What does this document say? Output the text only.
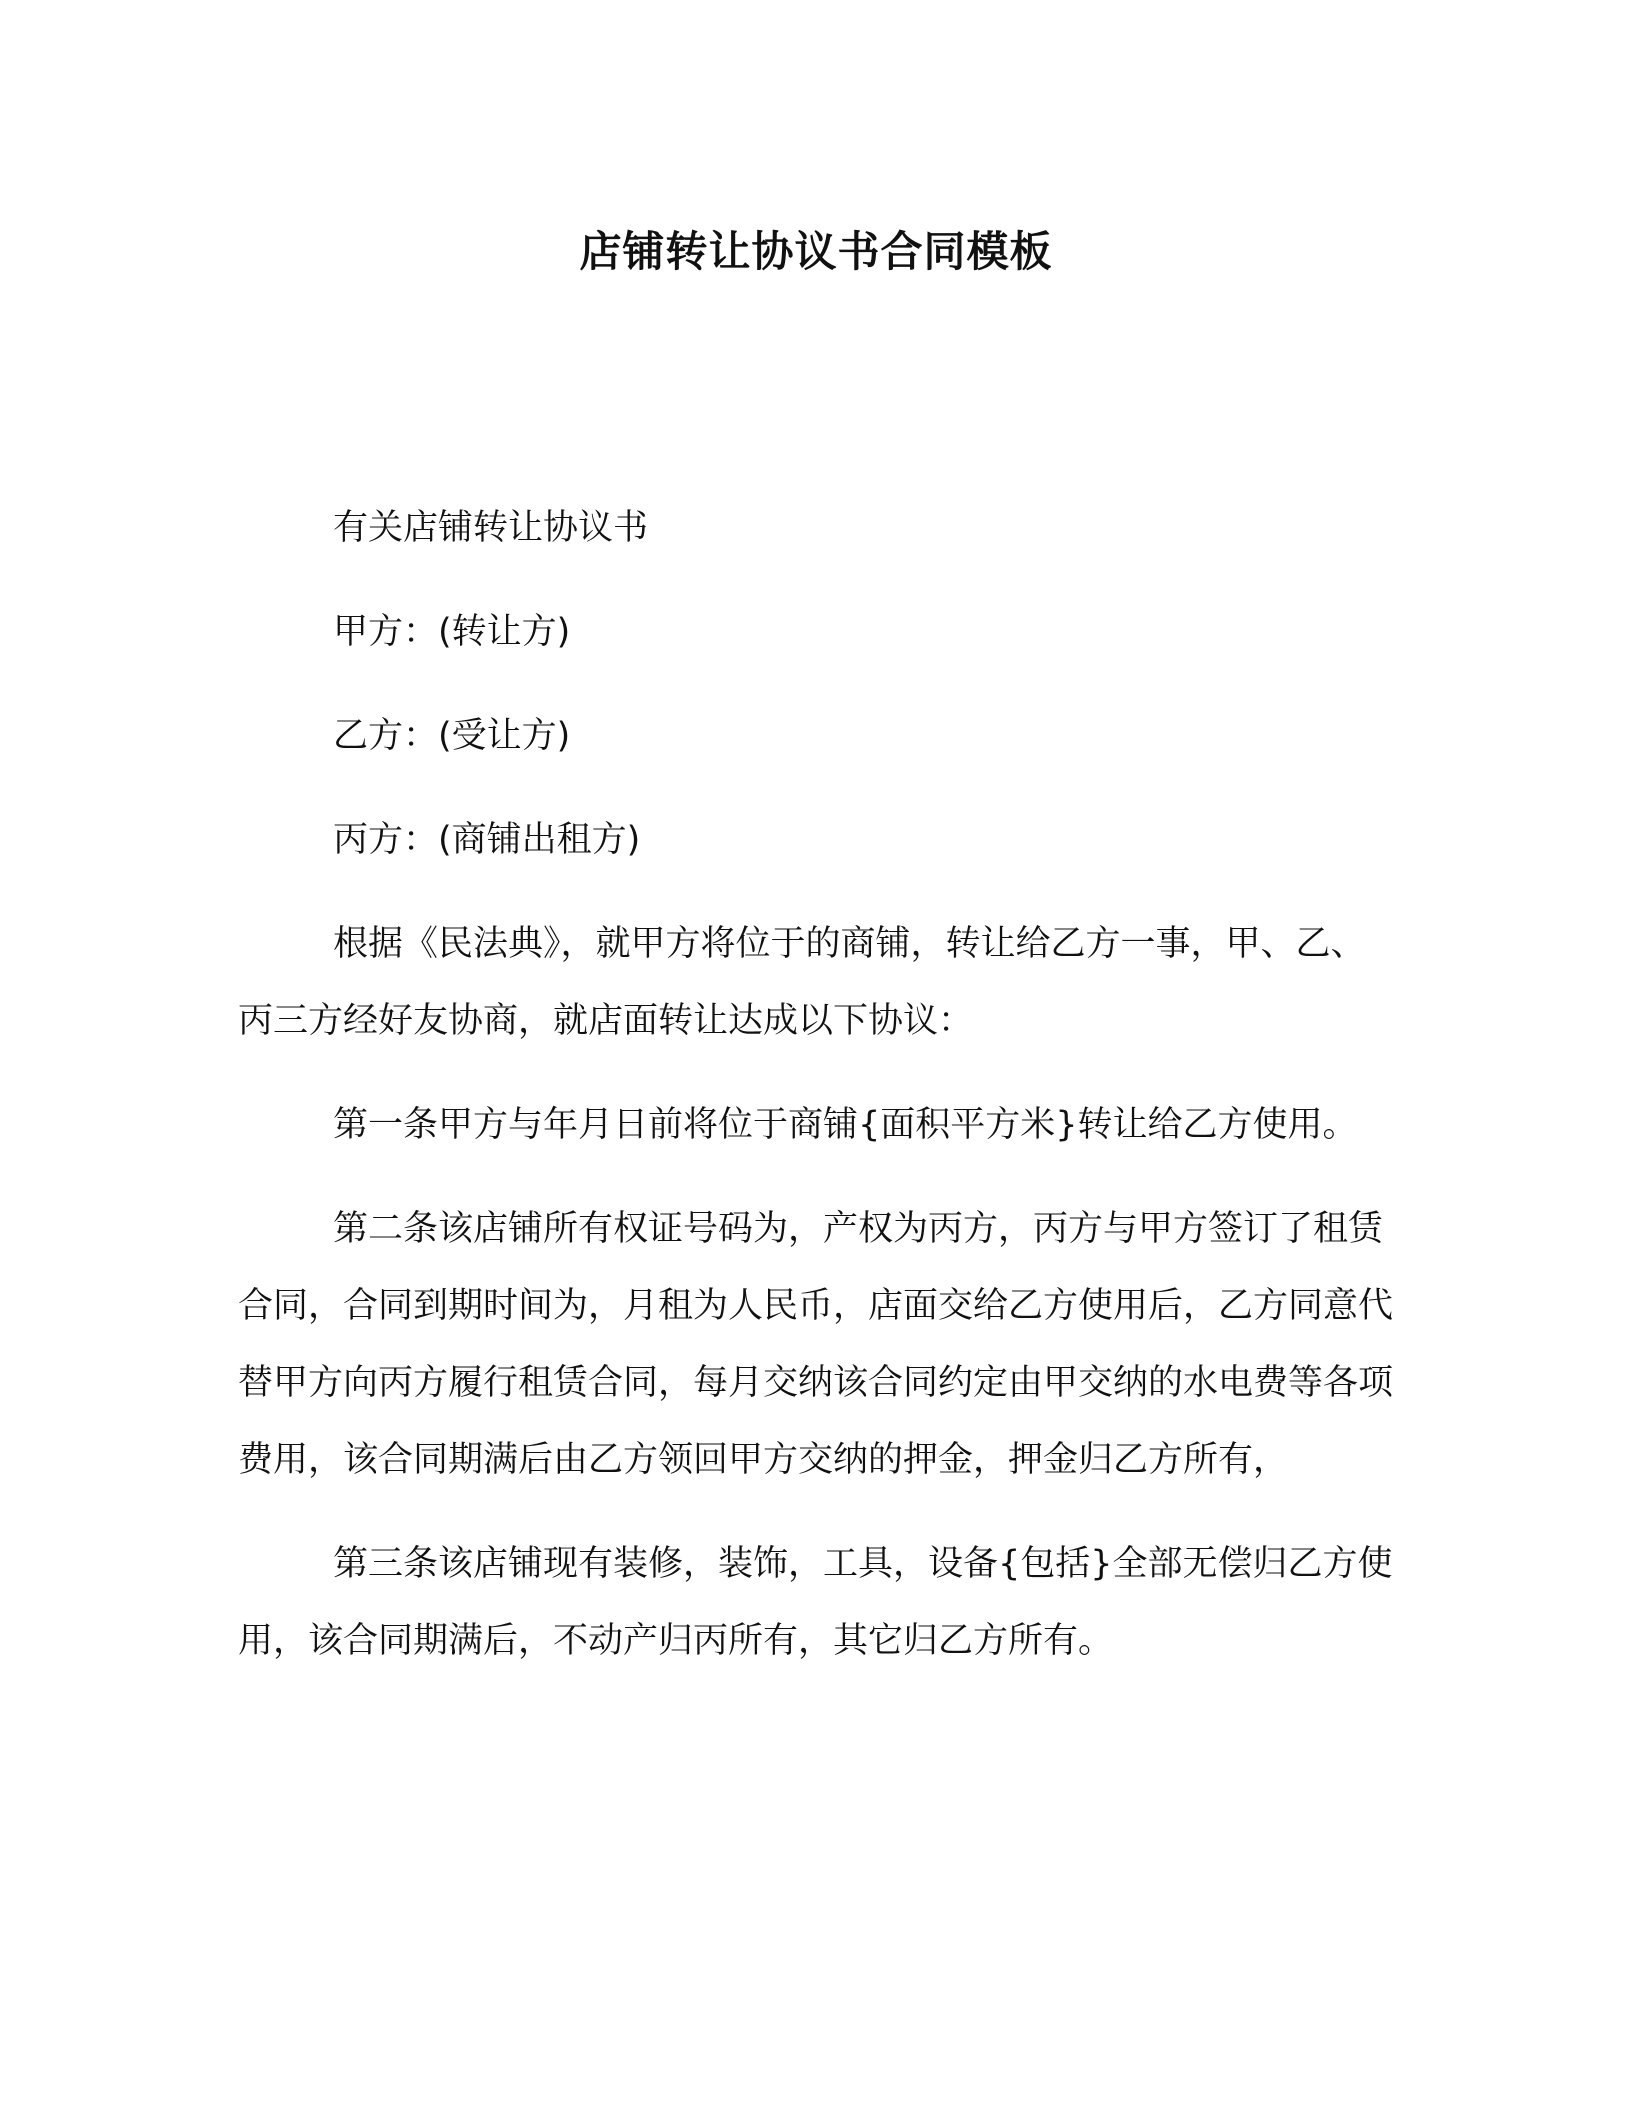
店铺转让协议书合同模板

有关店铺转让协议书

甲方：(转让方)

乙方：(受让方)

丙方：(商铺出租方)

根据《民法典》，就甲方将位于的商铺，转让给乙方一事，甲、乙、丙三方经好友协商，就店面转让达成以下协议：

第一条甲方与年月日前将位于商铺{面积平方米}转让给乙方使用。

第二条该店铺所有权证号码为，产权为丙方，丙方与甲方签订了租赁合同，合同到期时间为，月租为人民币，店面交给乙方使用后，乙方同意代替甲方向丙方履行租赁合同，每月交纳该合同约定由甲交纳的水电费等各项费用，该合同期满后由乙方领回甲方交纳的押金，押金归乙方所有，

第三条该店铺现有装修，装饰，工具，设备{包括}全部无偿归乙方使用，该合同期满后，不动产归丙所有，其它归乙方所有。
